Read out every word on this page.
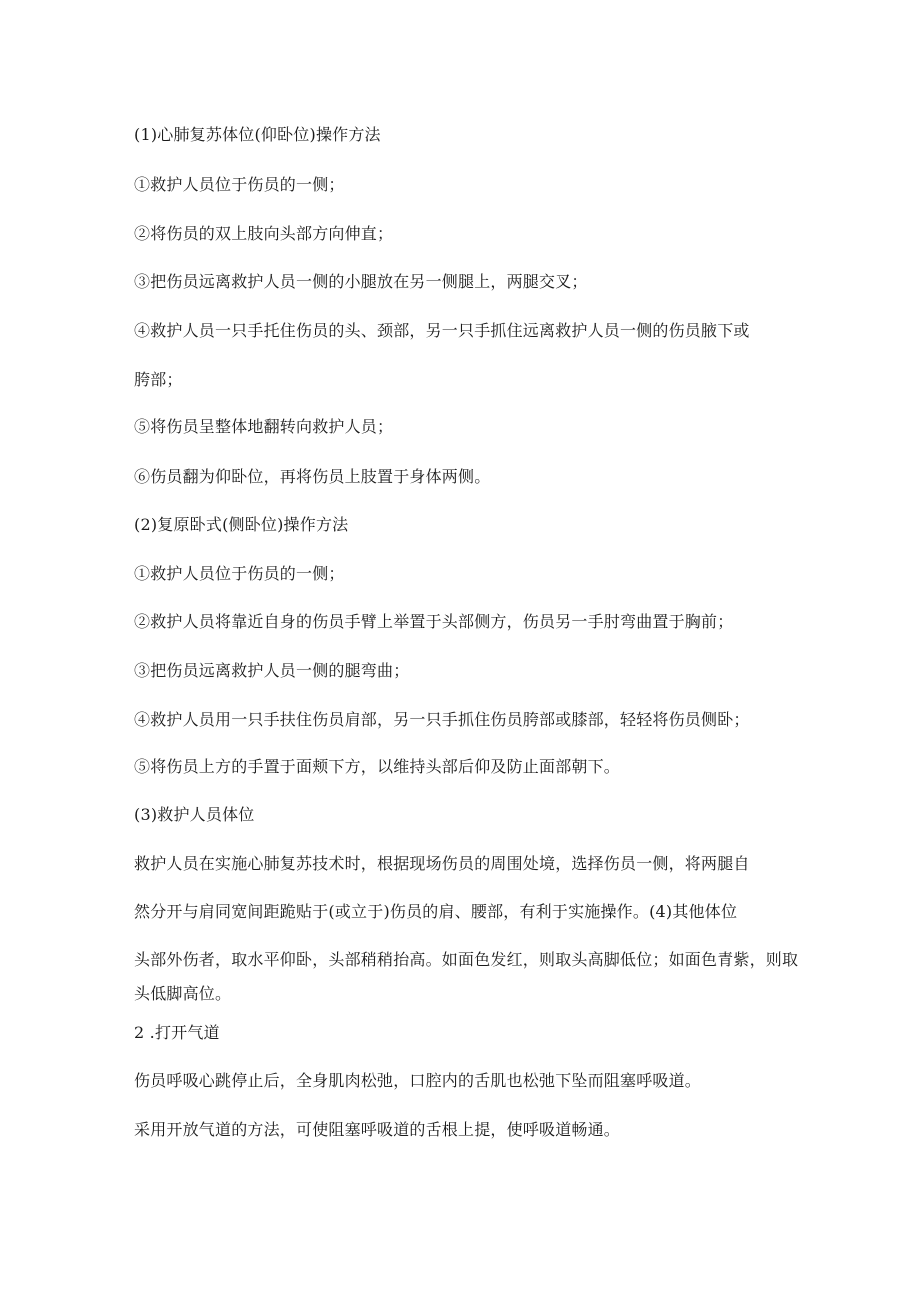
(1)心肺复苏体位(仰卧位)操作方法
①救护人员位于伤员的一侧；
②将伤员的双上肢向头部方向伸直；
③把伤员远离救护人员一侧的小腿放在另一侧腿上，两腿交叉；
④救护人员一只手托住伤员的头、颈部，另一只手抓住远离救护人员一侧的伤员腋下或
胯部；
⑤将伤员呈整体地翻转向救护人员；
⑥伤员翻为仰卧位，再将伤员上肢置于身体两侧。
(2)复原卧式(侧卧位)操作方法
①救护人员位于伤员的一侧；
②救护人员将靠近自身的伤员手臂上举置于头部侧方，伤员另一手肘弯曲置于胸前；
③把伤员远离救护人员一侧的腿弯曲；
④救护人员用一只手扶住伤员肩部，另一只手抓住伤员胯部或膝部，轻轻将伤员侧卧；
⑤将伤员上方的手置于面颊下方，以维持头部后仰及防止面部朝下。
(3)救护人员体位
救护人员在实施心肺复苏技术时，根据现场伤员的周围处境，选择伤员一侧，将两腿自
然分开与肩同宽间距跪贴于(或立于)伤员的肩、腰部，有利于实施操作。(4)其他体位
头部外伤者，取水平仰卧，头部稍稍抬高。如面色发红，则取头高脚低位；如面色青紫，则取头低脚高位。
2 .打开气道
伤员呼吸心跳停止后，全身肌肉松弛，口腔内的舌肌也松弛下坠而阻塞呼吸道。
采用开放气道的方法，可使阻塞呼吸道的舌根上提，使呼吸道畅通。
